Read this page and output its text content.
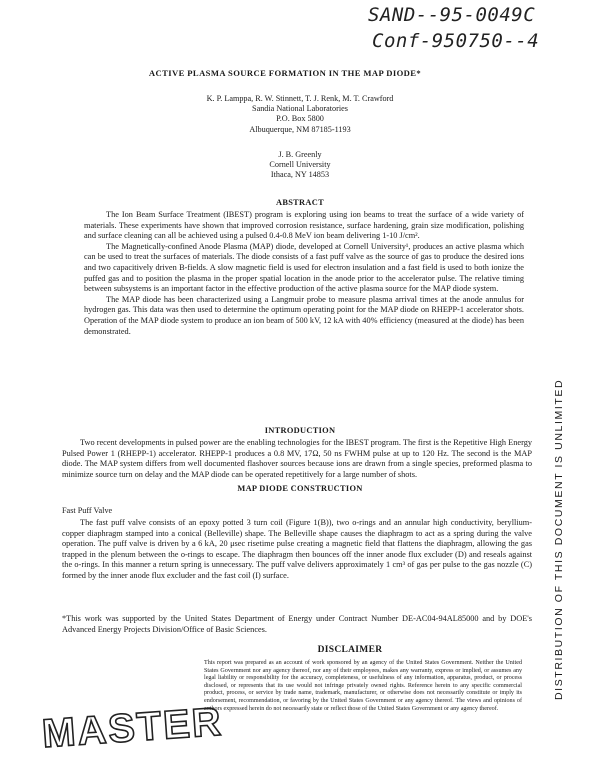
SAND--95-0049C
Conf-950750--4
ACTIVE PLASMA SOURCE FORMATION IN THE MAP DIODE*
K. P. Lamppa, R. W. Stinnett, T. J. Renk, M. T. Crawford
Sandia National Laboratories
P.O. Box 5800
Albuquerque, NM 87185-1193
J. B. Greenly
Cornell University
Ithaca, NY 14853
ABSTRACT

The Ion Beam Surface Treatment (IBEST) program is exploring using ion beams to treat the surface of a wide variety of materials. These experiments have shown that improved corrosion resistance, surface hardening, grain size modification, polishing and surface cleaning can all be achieved using a pulsed 0.4-0.8 MeV ion beam delivering 1-10 J/cm².

The Magnetically-confined Anode Plasma (MAP) diode, developed at Cornell University¹, produces an active plasma which can be used to treat the surfaces of materials. The diode consists of a fast puff valve as the source of gas to produce the desired ions and two capacitively driven B-fields. A slow magnetic field is used for electron insulation and a fast field is used to both ionize the puffed gas and to position the plasma in the proper spatial location in the anode prior to the accelerator pulse. The relative timing between subsystems is an important factor in the effective production of the active plasma source for the MAP diode system.

The MAP diode has been characterized using a Langmuir probe to measure plasma arrival times at the anode annulus for hydrogen gas. This data was then used to determine the optimum operating point for the MAP diode on RHEPP-1 accelerator shots. Operation of the MAP diode system to produce an ion beam of 500 kV, 12 kA with 40% efficiency (measured at the diode) has been demonstrated.

INTRODUCTION

Two recent developments in pulsed power are the enabling technologies for the IBEST program. The first is the Repetitive High Energy Pulsed Power 1 (RHEPP-1) accelerator. RHEPP-1 produces a 0.8 MV, 17Ω, 50 ns FWHM pulse at up to 120 Hz. The second is the MAP diode. The MAP system differs from well documented flashover sources because ions are drawn from a single species, preformed plasma to minimize source turn on delay and the MAP diode can be operated repetitively for a large number of shots.

MAP DIODE CONSTRUCTION
Fast Puff Valve

The fast puff valve consists of an epoxy potted 3 turn coil (Figure 1(B)), two o-rings and an annular high conductivity, beryllium-copper diaphragm stamped into a conical (Belleville) shape. The Belleville shape causes the diaphragm to act as a spring during the valve operation. The puff valve is driven by a 6 kA, 20 μsec risetime pulse creating a magnetic field that flattens the diaphragm, allowing the gas trapped in the plenum between the o-rings to escape. The diaphragm then bounces off the inner anode flux excluder (D) and reseals against the o-rings. In this manner a return spring is unnecessary. The puff valve delivers approximately 1 cm³ of gas per pulse to the gas nozzle (C) formed by the inner anode flux excluder and the fast coil (I) surface.

*This work was supported by the United States Department of Energy under Contract Number DE-AC04-94AL85000 and by DOE's Advanced Energy Projects Division/Office of Basic Sciences.
DISCLAIMER
This report was prepared as an account of work sponsored by an agency of the United States Government. Neither the United States Government nor any agency thereof, nor any of their employees, makes any warranty, express or implied, or assumes any legal liability or responsibility for the accuracy, completeness, or usefulness of any information, apparatus, product, or process disclosed, or represents that its use would not infringe privately owned rights. Reference herein to any specific commercial product, process, or service by trade name, trademark, manufacturer, or otherwise does not necessarily constitute or imply its endorsement, recommendation, or favoring by the United States Government or any agency thereof. The views and opinions of authors expressed herein do not necessarily state or reflect those of the United States Government or any agency thereof.
DISTRIBUTION OF THIS DOCUMENT IS UNLIMITED
MASTER
